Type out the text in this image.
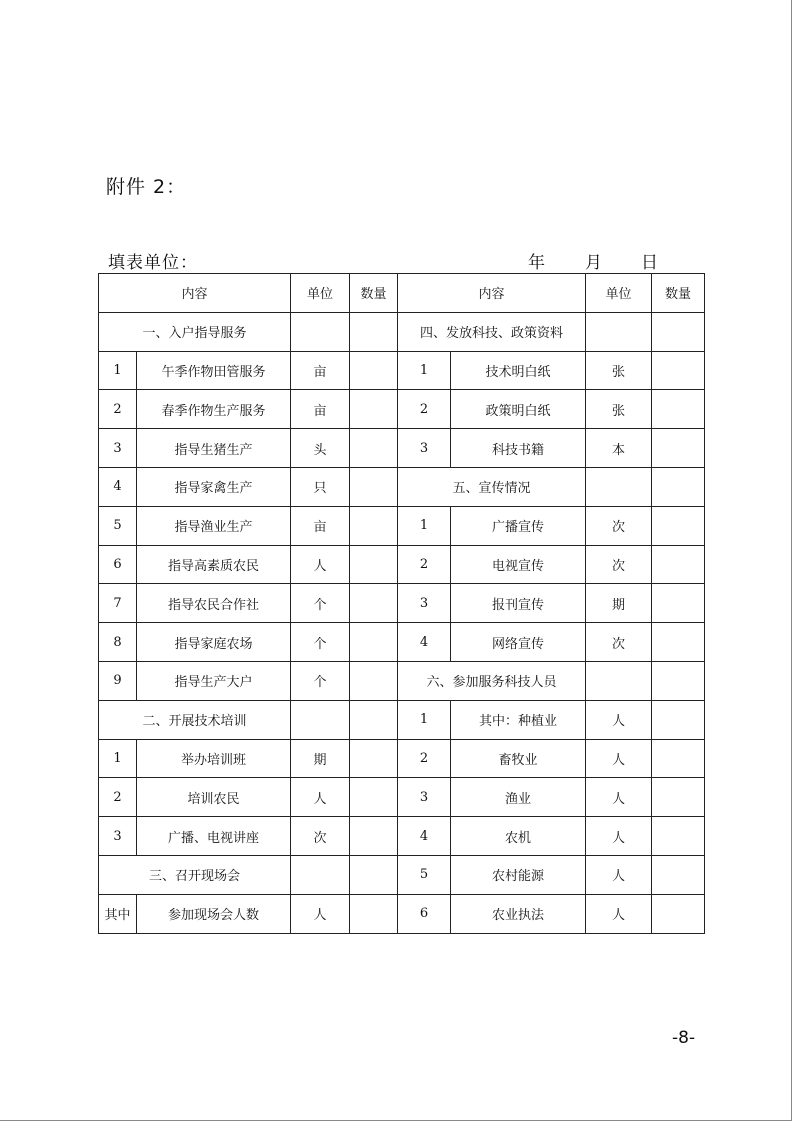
附件 2：
填表单位：	年 月 日
内容		单位	数量	内容		单位	数量
一、入户指导服务				四、发放科技、政策资料			
1	午季作物田管服务	亩		1	技术明白纸	张	
2	春季作物生产服务	亩		2	政策明白纸	张	
3	指导生猪生产	头		3	科技书籍	本	
4	指导家禽生产	只		五、宣传情况			
5	指导渔业生产	亩		1	广播宣传	次	
6	指导高素质农民	人		2	电视宣传	次	
7	指导农民合作社	个		3	报刊宣传	期	
8	指导家庭农场	个		4	网络宣传	次	
9	指导生产大户	个		六、参加服务科技人员			
二、开展技术培训				1	其中：种植业	人	
1	举办培训班	期		2	畜牧业	人	
2	培训农民	人		3	渔业	人	
3	广播、电视讲座	次		4	农机	人	
三、召开现场会				5	农村能源	人	
其中	参加现场会人数	人		6	农业执法	人	
-8-
